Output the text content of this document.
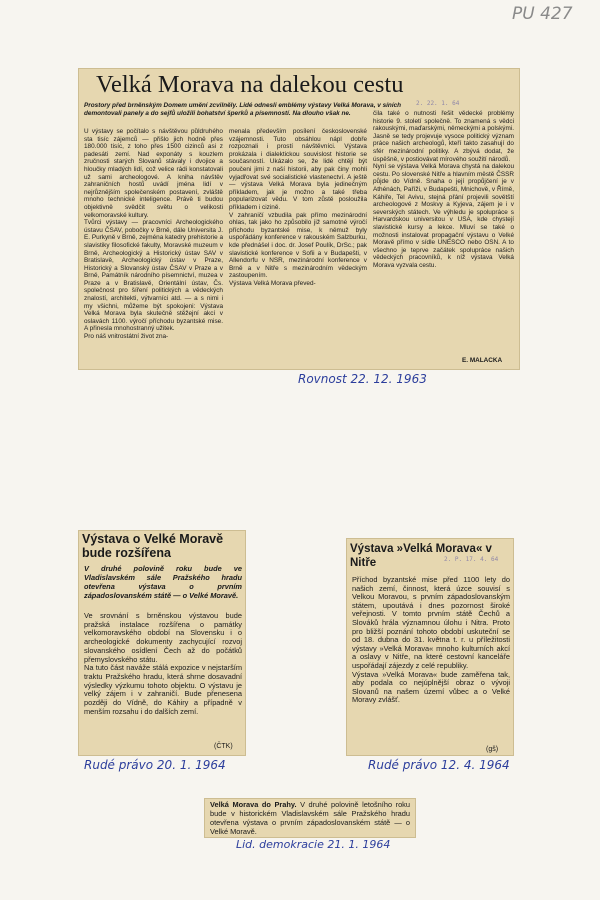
PU 427
Velká Morava na dalekou cestu
2. 22. 1. 64
Prostory před brněnským Domem umění zcvilněly. Lidé odnesli emblémy výstavy Velká Morava, v síních demontovali panely a do sejfů uložili bohatství šperků a písemností. Na dlouho však ne.
U výstavy se počítalo s návštěvou půldruhého sta tisíc zájemců — přišlo jich hodně přes 180.000 tisíc, z toho přes 1500 cizinců asi z padesáti zemí. Nad exponáty s kouzlem zručnosti starých Slovanů stávaly i dvojice a hloučky mladých lidí, což velice rádi konstatovali už sami archeologové. A kniha návštěv zahraničních hostů uvádí jména lidí v nejrůznějším společenském postavení, zvláště mnoho technické inteligence. Právě ti budou objektivně svědčit světu o velikosti velkomoravské kultury.
Tvůrci výstavy — pracovníci Archeologického ústavu ČSAV, pobočky v Brně, dále Universita J. E. Purkyně v Brně, zejména katedry prehistorie a slavistiky filosofické fakulty, Moravské muzeum v Brně, Archeologický a Historický ústav SAV v Bratislavě, Archeologický ústav v Praze, Historický a Slovanský ústav ČSAV v Praze a v Brně, Památník národního písemnictví, muzea v Praze a v Bratislavě, Orientální ústav, Čs. společnost pro šíření politických a vědeckých znalostí, architekti, výtvarníci atd. — a s nimi i my všichni, můžeme být spokojeni: Výstava Velká Morava byla skutečně stěžejní akcí v oslavách 1100. výročí příchodu byzantské mise. A přinesla mnohostranný užitek.
Pro náš vnitrostátní život zna-
menala především posílení československé vzájemnosti. Tuto obsáhlou nápl dobře rozpoznali i prostí návštěvníci. Výstava prokázala i dialektickou souvislost historie se současností. Ukázalo se, že lidé chtějí být poučeni jimi z naší historii, aby pak činy mohli vyjadřovat své socialistické vlastenectví. A ještě — výstava Velká Morava byla jedinečným příkladem, jak je možno a také třeba popularizovat vědu. V tom zůstě posloužila příkladem i cizině.
V zahraničí vzbudila pak přímo mezinárodní ohlas, tak jako ho způsobilo již samotné výročí příchodu byzantské mise, k němuž byly uspořádány konference v rakouském Salzburku, kde přednášel i doc. dr. Josef Poulík, DrSc.; pak slavistické konference v Sofii a v Budapešti, v Allendorfu v NSR, mezinárodní konference v Brně a v Nitře s mezinárodním vědeckým zastoupením.
Výstava Velká Morava převed-
čila také o nutnosti řešit vědecké problémy historie 9. století společně. To znamená s vědci rakouskými, maďarskými, německými a polskými. Jasně se tedy projevuje vysoce politický význam práce našich archeologů, kteří takto zasahují do sfér mezinárodní politiky. A zbývá dodat, že úspěšně, v postiovávat mírového soužití národů.
Nyní se výstava Velká Morava chystá na dalekou cestu. Po slovenské Nitře a hlavním městě ČSSR půjde do Vídně. Snaha o její propůjčení je v Athénách, Paříži, v Budapešti, Mnichově, v Římě, Káhiře, Tel Avivu, stejná přání projevili sovětští archeologové z Moskvy a Kyjeva, zájem je i v severských státech. Ve výhledu je spolupráce s Harvardskou universitou v USA, kde chystejí slavistické kursy a lekce. Mluví se také o možnosti instalovat propagační výstavu o Velké Moravě přímo v sídle UNESCO nebo OSN. A to všechno je teprve začátek spolupráce našich vědeckých pracovníků, k níž výstava Velká Morava vyzvala cestu.
E. MALACKA
Rovnost 22. 12. 1963
Výstava o Velké Moravě bude rozšířena
V druhé polovině roku bude ve Vladislavském sále Pražského hradu otevřena výstava o prvním západoslovanském státě — o Velké Moravě.
Ve srovnání s brněnskou výstavou bude pražská instalace rozšířena o památky velkomoravského období na Slovensku i o archeologické dokumenty zachycující rozvoj slovanského osídlení Čech až do počátků přemyslovského státu.
Na tuto část naváže stálá expozice v nejstarším traktu Pražského hradu, která shrne dosavadní výsledky výzkumu tohoto objektu. O výstavu je velký zájem i v zahraničí. Bude přenesena později do Vídně, do Káhiry a případně v menším rozsahu i do dalších zemí.
(ČTK)
Rudé právo 20. 1. 1964
Výstava »Velká Morava« v Nitře	2. P. 17. 4. 64
Příchod byzantské mise před 1100 lety do našich zemí, činnost, která úzce souvisí s Velkou Moravou, s prvním západoslovanským státem, upoutává i dnes pozornost široké veřejnosti. V tomto prvním státě Čechů a Slováků hrála významnou úlohu i Nitra. Proto pro bližší poznání tohoto období uskuteční se od 18. dubna do 31. května t. r. u příležitosti výstavy »Velká Morava« mnoho kulturních akcí a oslavy v Nitře, na které cestovní kanceláře uspořádají zájezdy z celé republiky.
Výstava »Velká Morava« bude zaměřena tak, aby podala co nejúplnější obraz o vývoji Slovanů na našem území vůbec a o Velké Moravy zvlášť.
(gš)
Rudé právo 12. 4. 1964
Velká Morava do Prahy. V druhé polovině letošního roku bude v historickém Vladislavském sále Pražského hradu otevřena výstava o prvním západoslovanském státě — o Velké Moravě.
Lid. demokracie 21. 1. 1964
